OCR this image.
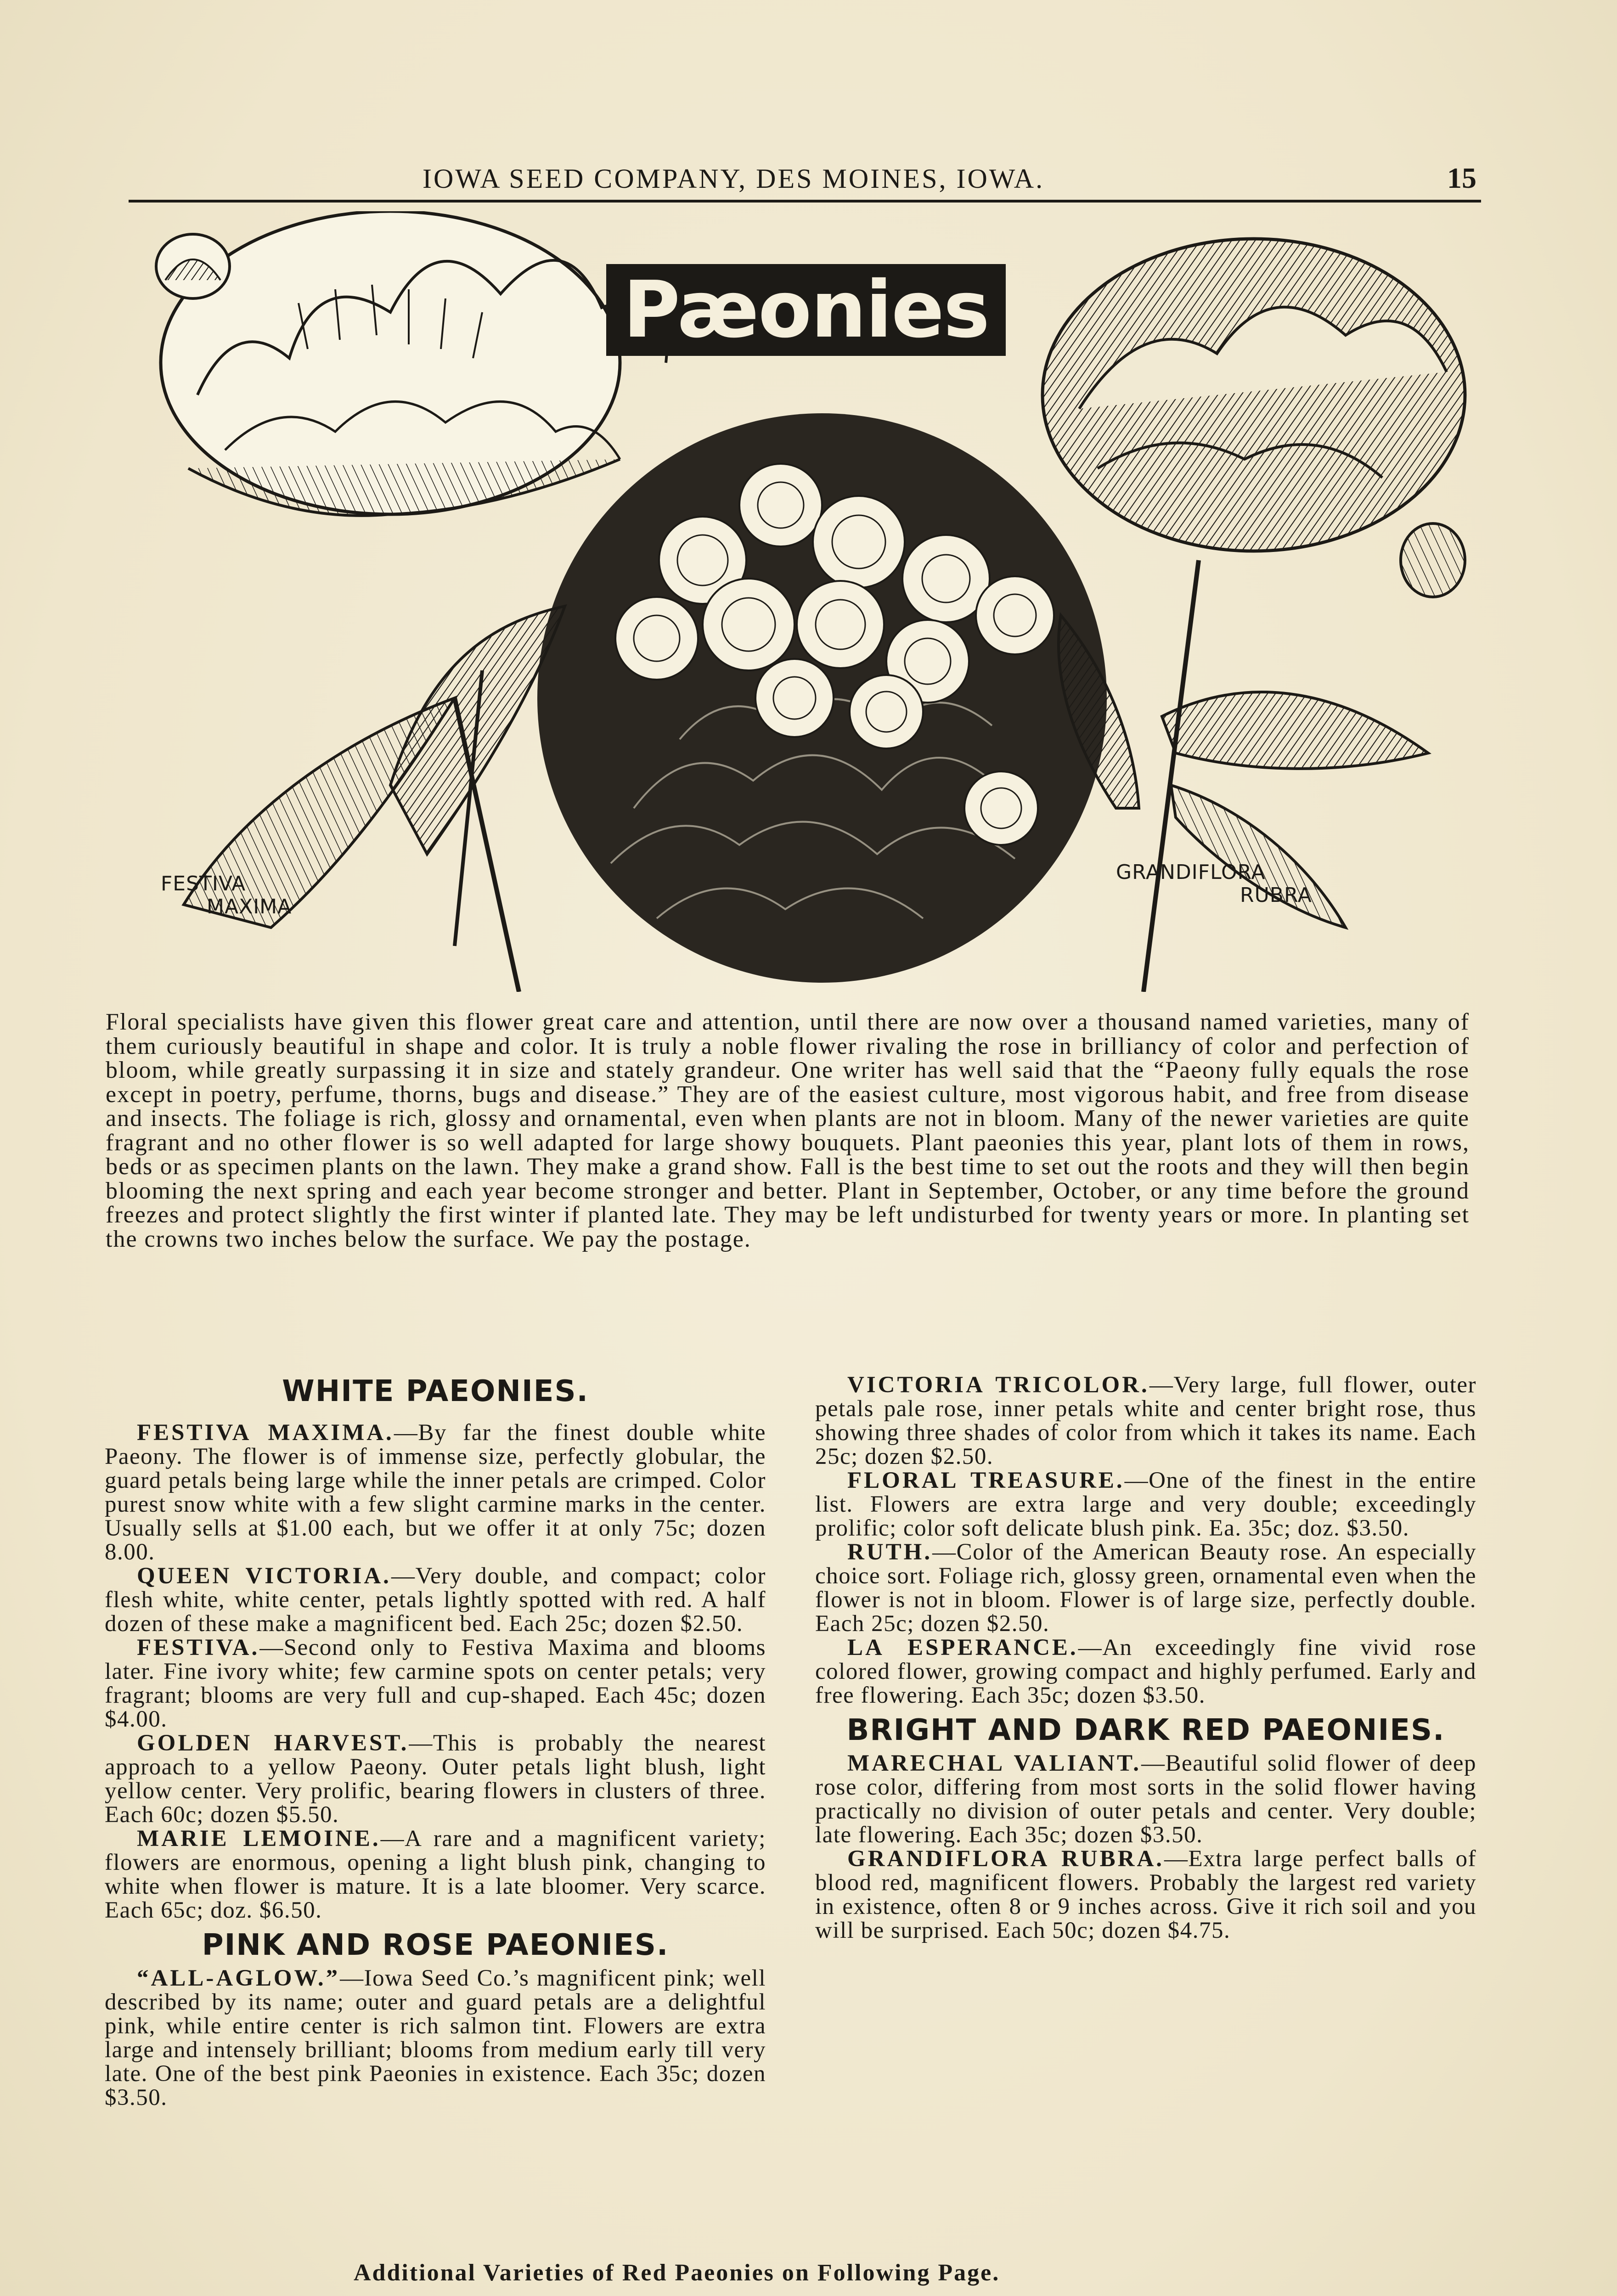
IOWA SEED COMPANY, DES MOINES, IOWA.	15
Pæonies
FESTIVA
MAXIMA
GRANDIFLORA
RUBRA
Floral specialists have given this flower great care and attention, until there are now over a thousand named varieties, many of them curiously beautiful in shape and color. It is truly a noble flower rivaling the rose in brilliancy of color and perfection of bloom, while greatly surpassing it in size and stately grandeur. One writer has well said that the “Paeony fully equals the rose except in poetry, perfume, thorns, bugs and disease.” They are of the easiest culture, most vigorous habit, and free from disease and insects. The foliage is rich, glossy and ornamental, even when plants are not in bloom. Many of the newer varieties are quite fragrant and no other flower is so well adapted for large showy bouquets. Plant paeonies this year, plant lots of them in rows, beds or as specimen plants on the lawn. They make a grand show. Fall is the best time to set out the roots and they will then begin blooming the next spring and each year become stronger and better. Plant in September, October, or any time before the ground freezes and protect slightly the first winter if planted late. They may be left undisturbed for twenty years or more. In planting set the crowns two inches below the surface. We pay the postage.
WHITE PAEONIES.

FESTIVA MAXIMA.—By far the finest double white Paeony. The flower is of immense size, perfectly globular, the guard petals being large while the inner petals are crimped. Color purest snow white with a few slight carmine marks in the center. Usually sells at $1.00 each, but we offer it at only 75c; dozen 8.00.

QUEEN VICTORIA.—Very double, and compact; color flesh white, white center, petals lightly spotted with red. A half dozen of these make a magnificent bed. Each 25c; dozen $2.50.

FESTIVA.—Second only to Festiva Maxima and blooms later. Fine ivory white; few carmine spots on center petals; very fragrant; blooms are very full and cup-shaped. Each 45c; dozen $4.00.

GOLDEN HARVEST.—This is probably the nearest approach to a yellow Paeony. Outer petals light blush, light yellow center. Very prolific, bearing flowers in clusters of three. Each 60c; dozen $5.50.

MARIE LEMOINE.—A rare and a magnificent variety; flowers are enormous, opening a light blush pink, changing to white when flower is mature. It is a late bloomer. Very scarce. Each 65c; doz. $6.50.

PINK AND ROSE PAEONIES.

“ALL-AGLOW.”—Iowa Seed Co.’s magnificent pink; well described by its name; outer and guard petals are a delightful pink, while entire center is rich salmon tint. Flowers are extra large and intensely brilliant; blooms from medium early till very late. One of the best pink Paeonies in existence. Each 35c; dozen $3.50.

VICTORIA TRICOLOR.—Very large, full flower, outer petals pale rose, inner petals white and center bright rose, thus showing three shades of color from which it takes its name. Each 25c; dozen $2.50.

FLORAL TREASURE.—One of the finest in the entire list. Flowers are extra large and very double; exceedingly prolific; color soft delicate blush pink. Ea. 35c; doz. $3.50.

RUTH.—Color of the American Beauty rose. An especially choice sort. Foliage rich, glossy green, ornamental even when the flower is not in bloom. Flower is of large size, perfectly double. Each 25c; dozen $2.50.

LA ESPERANCE.—An exceedingly fine vivid rose colored flower, growing compact and highly perfumed. Early and free flowering. Each 35c; dozen $3.50.

BRIGHT AND DARK RED PAEONIES.

MARECHAL VALIANT.—Beautiful solid flower of deep rose color, differing from most sorts in the solid flower having practically no division of outer petals and center. Very double; late flowering. Each 35c; dozen $3.50.

GRANDIFLORA RUBRA.—Extra large perfect balls of blood red, magnificent flowers. Probably the largest red variety in existence, often 8 or 9 inches across. Give it rich soil and you will be surprised. Each 50c; dozen $4.75.

Additional Varieties of Red Paeonies on Following Page.
